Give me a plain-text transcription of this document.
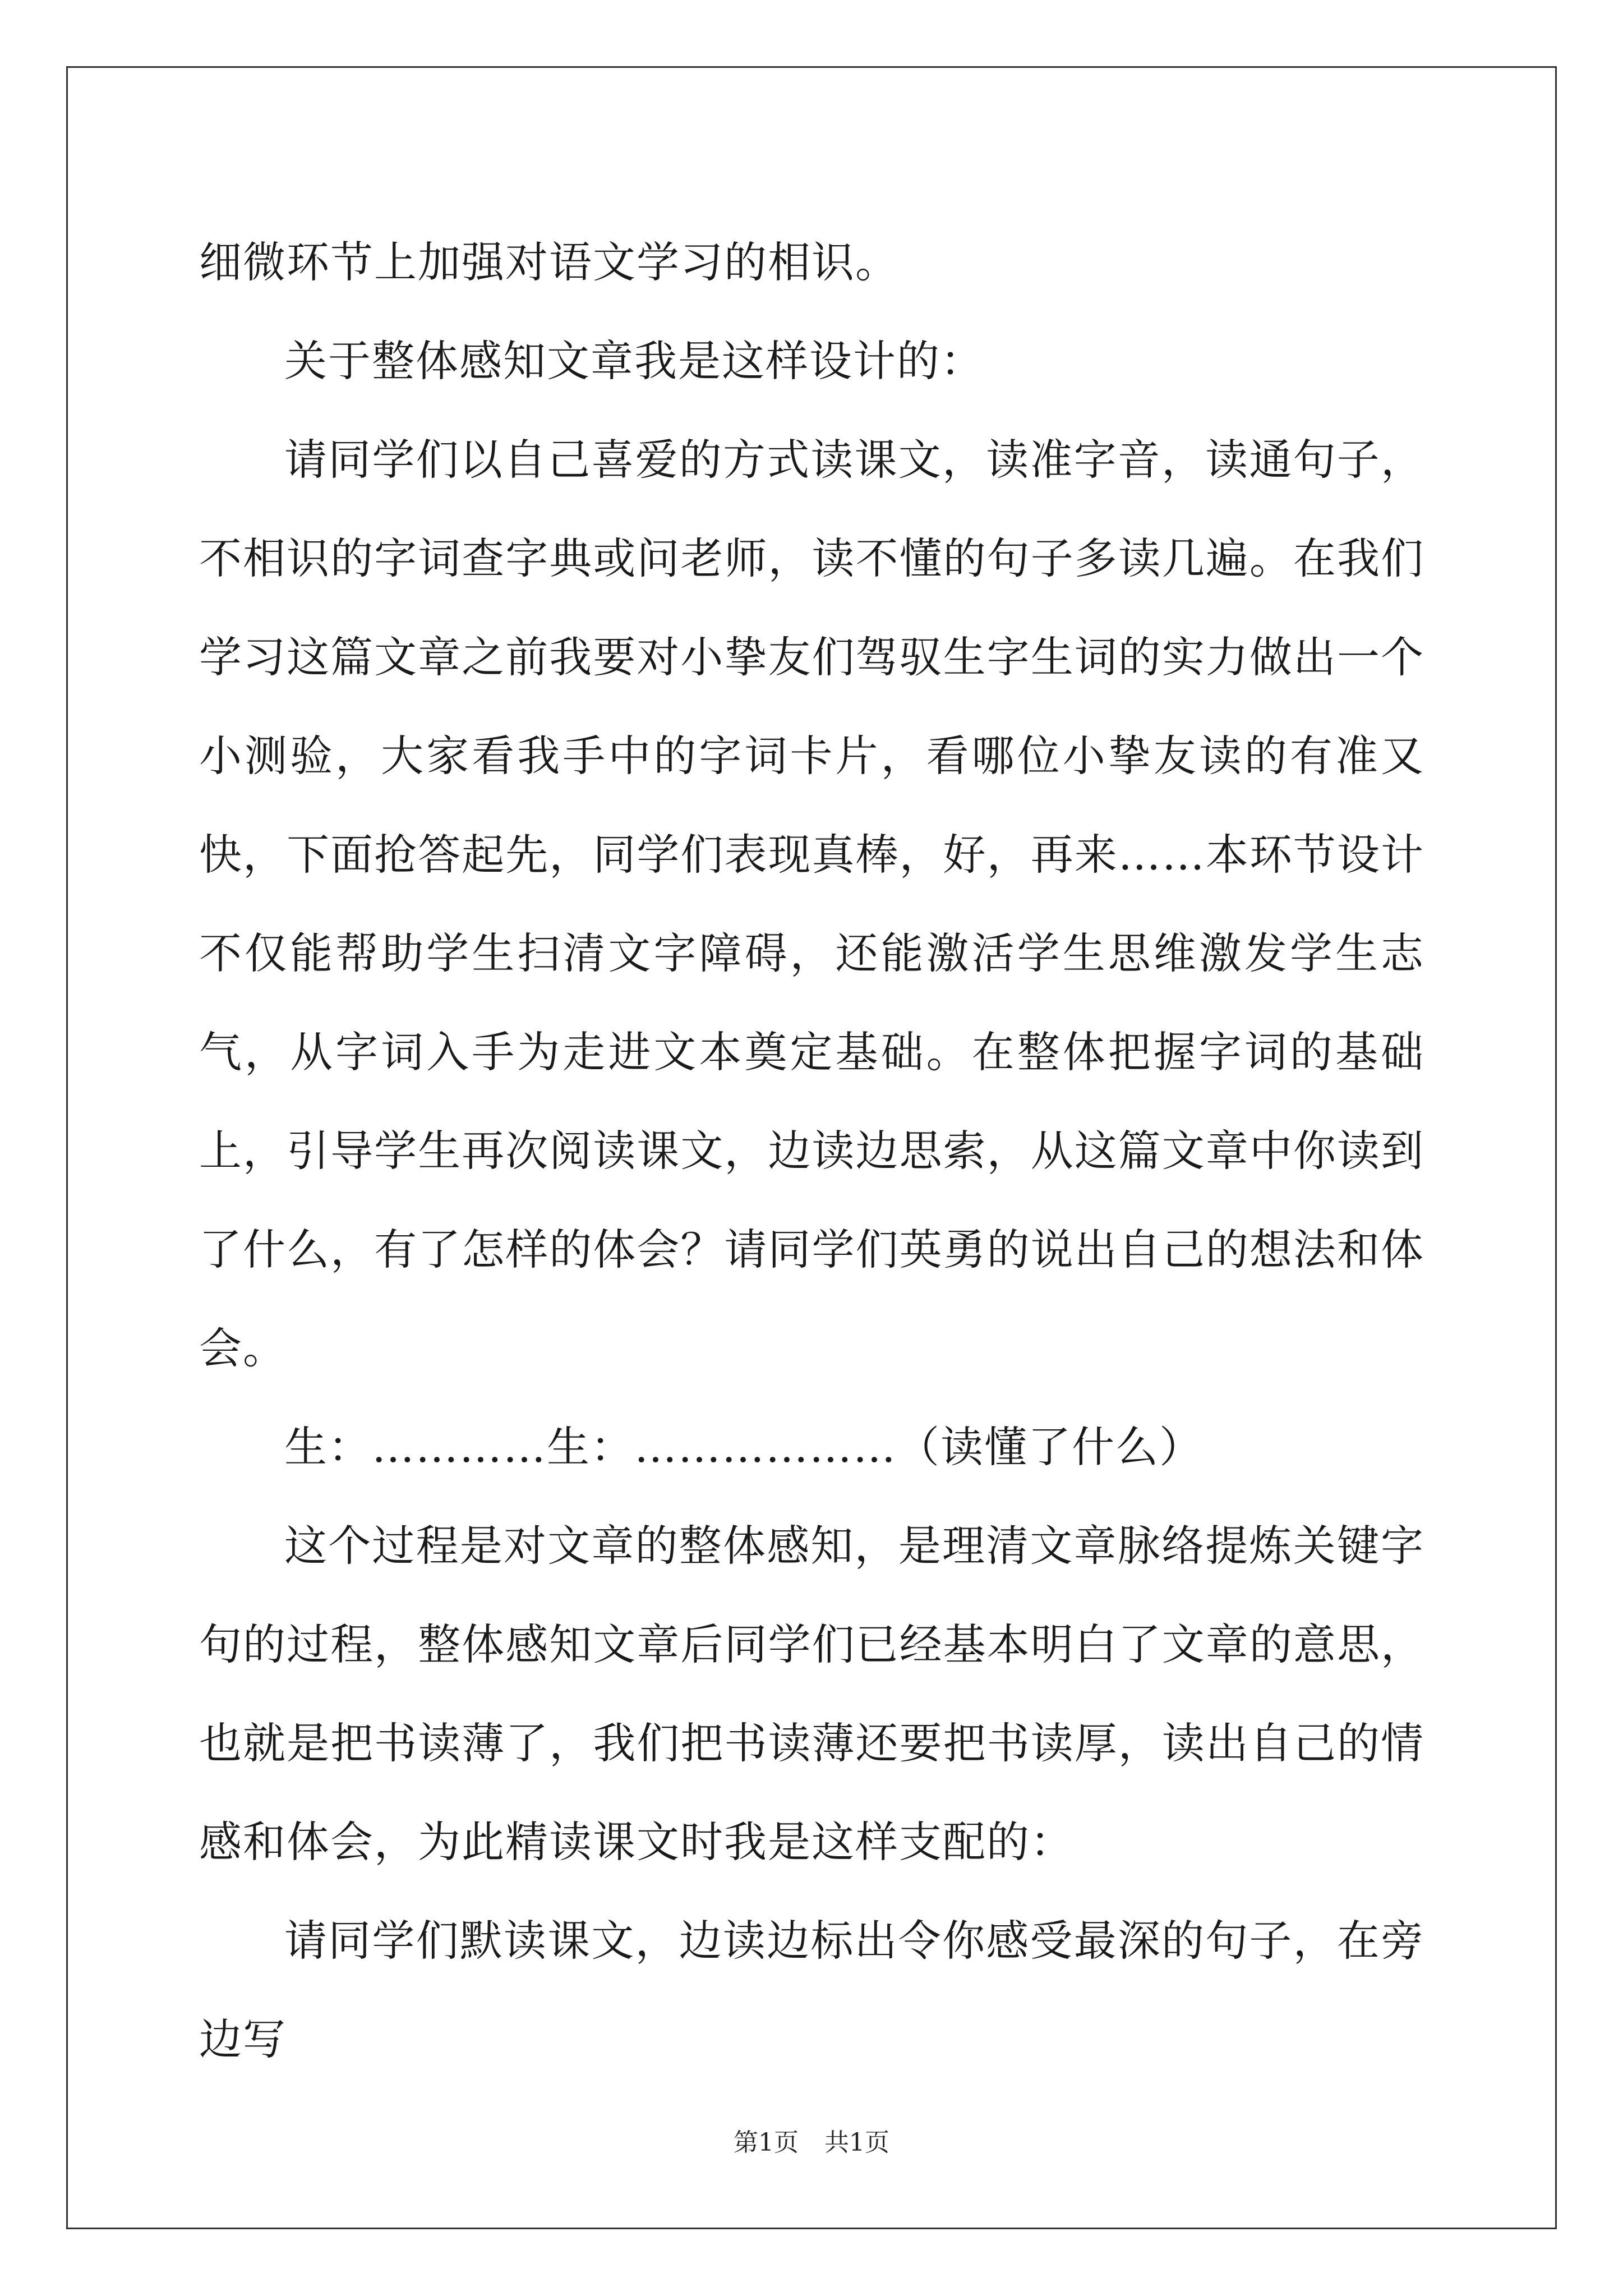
细微环节上加强对语文学习的相识。

关于整体感知文章我是这样设计的：

请同学们以自己喜爱的方式读课文，读准字音，读通句子，不相识的字词查字典或问老师，读不懂的句子多读几遍。在我们学习这篇文章之前我要对小挚友们驾驭生字生词的实力做出一个小测验，大家看我手中的字词卡片，看哪位小挚友读的有准又快，下面抢答起先，同学们表现真棒，好，再来……本环节设计不仅能帮助学生扫清文字障碍，还能激活学生思维激发学生志气，从字词入手为走进文本奠定基础。在整体把握字词的基础上，引导学生再次阅读课文，边读边思索，从这篇文章中你读到了什么，有了怎样的体会？请同学们英勇的说出自己的想法和体会。

生：…………生：………………（读懂了什么）

这个过程是对文章的整体感知，是理清文章脉络提炼关键字句的过程，整体感知文章后同学们已经基本明白了文章的意思，也就是把书读薄了，我们把书读薄还要把书读厚，读出自己的情感和体会，为此精读课文时我是这样支配的：

请同学们默读课文，边读边标出令你感受最深的句子，在旁边写

第1页 共1页
